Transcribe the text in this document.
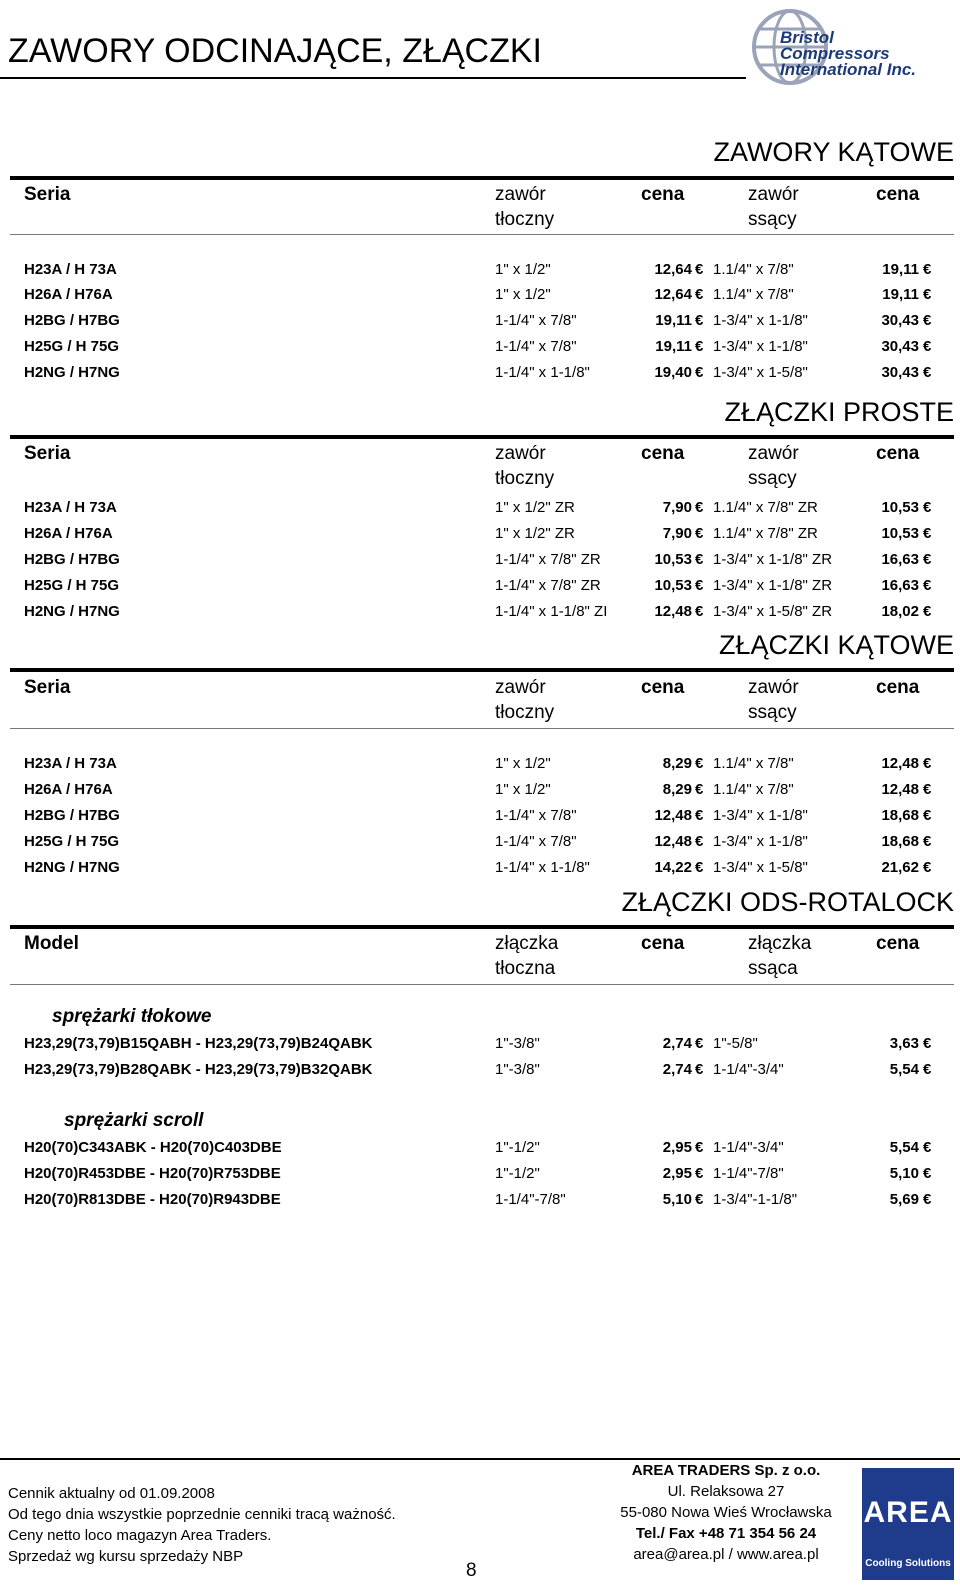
ZAWORY ODCINAJĄCE, ZŁĄCZKI	Bristol
Compressors
International Inc.
ZAWORY KĄTOWE
Seria	zawór
tłoczny
cena	zawór
ssący
cena
H23A / H 73A	1" x 1/2"	12,64 € 1.1/4" x 7/8"	19,11 €
H26A / H76A	1" x 1/2"	12,64 € 1.1/4" x 7/8"	19,11 €
H2BG / H7BG	1-1/4" x 7/8"	19,11 € 1-3/4" x 1-1/8"	30,43 €
H25G / H 75G	1-1/4" x 7/8"	19,11 € 1-3/4" x 1-1/8"	30,43 €
H2NG / H7NG	1-1/4" x 1-1/8"	19,40 € 1-3/4" x 1-5/8"	30,43 €
ZŁĄCZKI PROSTE
Seria	zawór
tłoczny
cena	zawór
ssący
cena
H23A / H 73A	1" x 1/2" ZR	7,90 € 1.1/4" x 7/8" ZR	10,53 €
H26A / H76A	1" x 1/2" ZR	7,90 € 1.1/4" x 7/8" ZR	10,53 €
H2BG / H7BG	1-1/4" x 7/8" ZR	10,53 € 1-3/4" x 1-1/8" ZR	16,63 €
H25G / H 75G	1-1/4" x 7/8" ZR	10,53 € 1-3/4" x 1-1/8" ZR	16,63 €
H2NG / H7NG	1-1/4" x 1-1/8" ZI	12,48 € 1-3/4" x 1-5/8" ZR	18,02 €
ZŁĄCZKI KĄTOWE
Seria	zawór
tłoczny
cena	zawór
ssący
cena
H23A / H 73A	1" x 1/2"	8,29 € 1.1/4" x 7/8"	12,48 €
H26A / H76A	1" x 1/2"	8,29 € 1.1/4" x 7/8"	12,48 €
H2BG / H7BG	1-1/4" x 7/8"	12,48 € 1-3/4" x 1-1/8"	18,68 €
H25G / H 75G	1-1/4" x 7/8"	12,48 € 1-3/4" x 1-1/8"	18,68 €
H2NG / H7NG	1-1/4" x 1-1/8"	14,22 € 1-3/4" x 1-5/8"	21,62 €
ZŁĄCZKI ODS-ROTALOCK
Model	złączka
tłoczna
cena	złączka
ssąca
cena
sprężarki tłokowe
H23,29(73,79)B15QABH - H23,29(73,79)B24QABK	1"-3/8"	2,74 € 1"-5/8"	3,63 €
H23,29(73,79)B28QABK - H23,29(73,79)B32QABK	1"-3/8"	2,74 € 1-1/4"-3/4"	5,54 €
sprężarki scroll
H20(70)C343ABK - H20(70)C403DBE	1"-1/2"	2,95 € 1-1/4"-3/4"	5,54 €
H20(70)R453DBE - H20(70)R753DBE	1"-1/2"	2,95 € 1-1/4"-7/8"	5,10 €
H20(70)R813DBE - H20(70)R943DBE	1-1/4"-7/8"	5,10 € 1-3/4"-1-1/8"	5,69 €
Cennik aktualny od 01.09.2008
Od tego dnia wszystkie poprzednie cenniki tracą ważność.
Ceny netto loco magazyn Area Traders.
Sprzedaż wg kursu sprzedaży NBP
AREA TRADERS Sp. z o.o.
Ul. Relaksowa 27
55-080 Nowa Wieś Wrocławska
Tel./ Fax +48 71 354 56 24
area@area.pl / www.area.pl
8
AREA
Cooling Solutions
